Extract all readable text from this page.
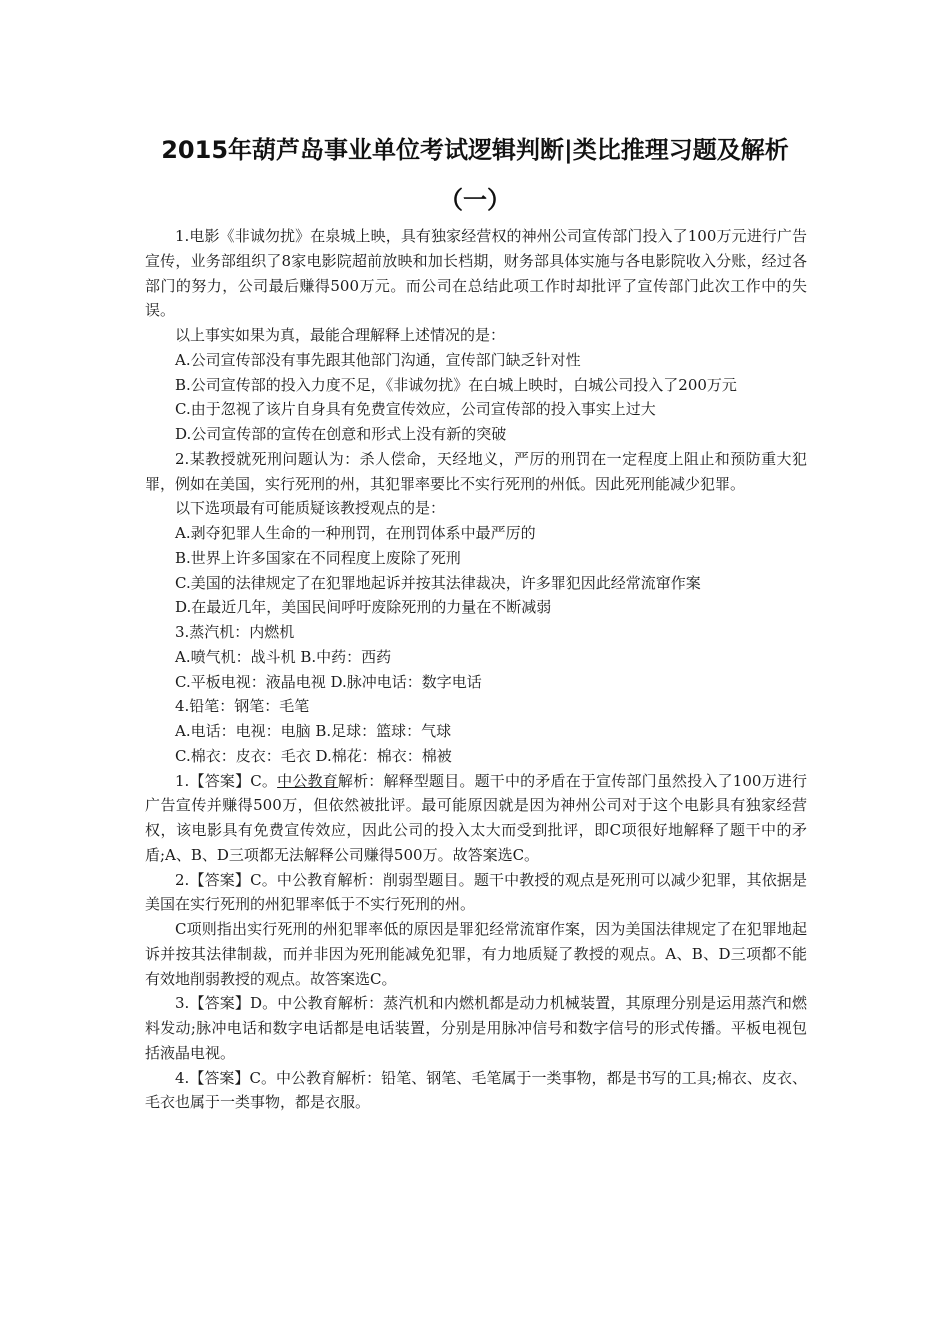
2015年葫芦岛事业单位考试逻辑判断|类比推理习题及解析
（一）

1.电影《非诚勿扰》在泉城上映，具有独家经营权的神州公司宣传部门投入了100万元进行广告宣传，业务部组织了8家电影院超前放映和加长档期，财务部具体实施与各电影院收入分账，经过各部门的努力，公司最后赚得500万元。而公司在总结此项工作时却批评了宣传部门此次工作中的失误。

以上事实如果为真，最能合理解释上述情况的是：

A.公司宣传部没有事先跟其他部门沟通，宣传部门缺乏针对性

B.公司宣传部的投入力度不足，《非诚勿扰》在白城上映时，白城公司投入了200万元

C.由于忽视了该片自身具有免费宣传效应，公司宣传部的投入事实上过大

D.公司宣传部的宣传在创意和形式上没有新的突破

2.某教授就死刑问题认为：杀人偿命，天经地义，严厉的刑罚在一定程度上阻止和预防重大犯罪，例如在美国，实行死刑的州，其犯罪率要比不实行死刑的州低。因此死刑能减少犯罪。

以下选项最有可能质疑该教授观点的是：

A.剥夺犯罪人生命的一种刑罚，在刑罚体系中最严厉的

B.世界上许多国家在不同程度上废除了死刑

C.美国的法律规定了在犯罪地起诉并按其法律裁决，许多罪犯因此经常流窜作案

D.在最近几年，美国民间呼吁废除死刑的力量在不断减弱

3.蒸汽机：内燃机

A.喷气机：战斗机 B.中药：西药

C.平板电视：液晶电视 D.脉冲电话：数字电话

4.铅笔：钢笔：毛笔

A.电话：电视：电脑 B.足球：篮球：气球

C.棉衣：皮衣：毛衣 D.棉花：棉衣：棉被

1.【答案】C。中公教育解析：解释型题目。题干中的矛盾在于宣传部门虽然投入了100万进行广告宣传并赚得500万，但依然被批评。最可能原因就是因为神州公司对于这个电影具有独家经营权，该电影具有免费宣传效应，因此公司的投入太大而受到批评，即C项很好地解释了题干中的矛盾;A、B、D三项都无法解释公司赚得500万。故答案选C。

2.【答案】C。中公教育解析：削弱型题目。题干中教授的观点是死刑可以减少犯罪，其依据是美国在实行死刑的州犯罪率低于不实行死刑的州。

C项则指出实行死刑的州犯罪率低的原因是罪犯经常流窜作案，因为美国法律规定了在犯罪地起诉并按其法律制裁，而并非因为死刑能减免犯罪，有力地质疑了教授的观点。A、B、D三项都不能有效地削弱教授的观点。故答案选C。

3.【答案】D。中公教育解析：蒸汽机和内燃机都是动力机械装置，其原理分别是运用蒸汽和燃料发动;脉冲电话和数字电话都是电话装置，分别是用脉冲信号和数字信号的形式传播。平板电视包括液晶电视。

4.【答案】C。中公教育解析：铅笔、钢笔、毛笔属于一类事物，都是书写的工具;棉衣、皮衣、毛衣也属于一类事物，都是衣服。
